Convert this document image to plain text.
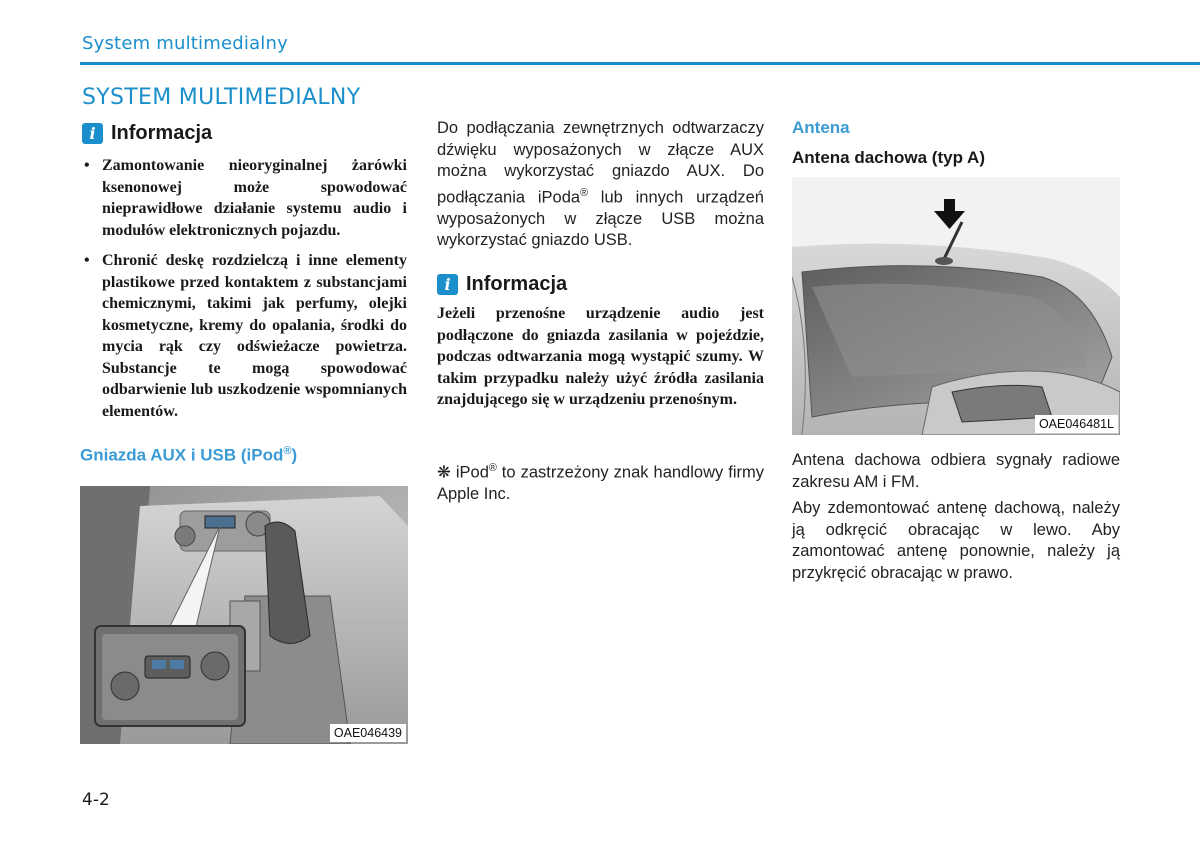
System multimedialny
SYSTEM MULTIMEDIALNY
i Informacja
• Zamontowanie nieoryginalnej żarówki ksenonowej może spowodować nieprawidłowe działanie systemu audio i modułów elektronicznych pojazdu.
• Chronić deskę rozdzielczą i inne elementy plastikowe przed kontaktem z substancjami chemicznymi, takimi jak perfumy, olejki kosmetyczne, kremy do opalania, środki do mycia rąk czy odświeżacze powietrza. Substancje te mogą spowodować odbarwienie lub uszkodzenie wspomnianych elementów.
Gniazda AUX i USB (iPod®)
OAE046439
Do podłączania zewnętrznych odtwarzaczy dźwięku wyposażonych w złącze AUX można wykorzystać gniazdo AUX. Do podłączania iPoda® lub innych urządzeń wyposażonych w złącze USB można wykorzystać gniazdo USB.
i Informacja
Jeżeli przenośne urządzenie audio jest podłączone do gniazda zasilania w pojeździe, podczas odtwarzania mogą wystąpić szumy. W takim przypadku należy użyć źródła zasilania znajdującego się w urządzeniu przenośnym.
❋ iPod® to zastrzeżony znak handlowy firmy Apple Inc.
Antena
Antena dachowa (typ A)
OAE046481L
Antena dachowa odbiera sygnały radiowe zakresu AM i FM.
Aby zdemontować antenę dachową, należy ją odkręcić obracając w lewo. Aby zamontować antenę ponownie, należy ją przykręcić obracając w prawo.
4-2
